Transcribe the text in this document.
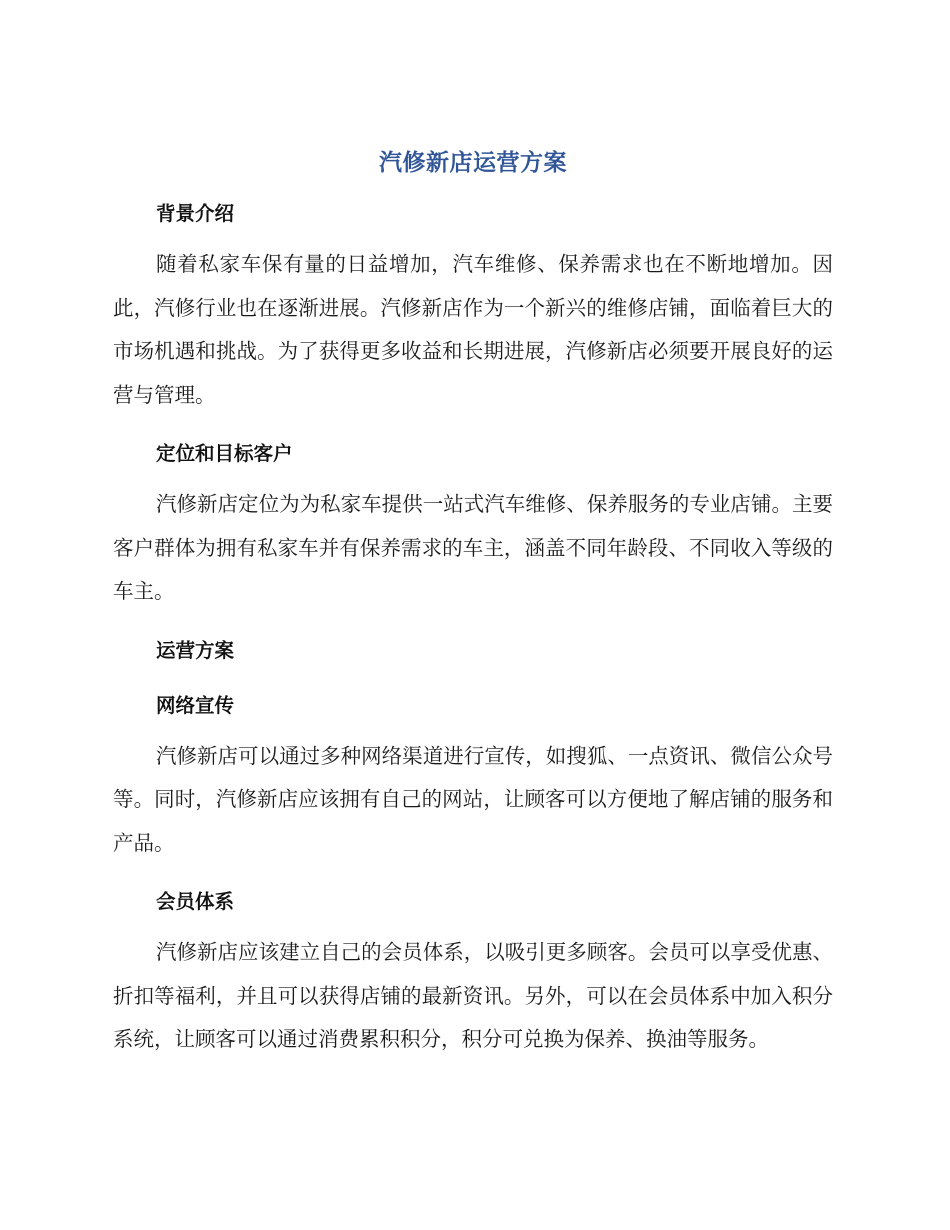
汽修新店运营方案
背景介绍

随着私家车保有量的日益增加，汽车维修、保养需求也在不断地增加。因此，汽修行业也在逐渐进展。汽修新店作为一个新兴的维修店铺，面临着巨大的市场机遇和挑战。为了获得更多收益和长期进展，汽修新店必须要开展良好的运营与管理。

定位和目标客户

汽修新店定位为为私家车提供一站式汽车维修、保养服务的专业店铺。主要客户群体为拥有私家车并有保养需求的车主，涵盖不同年龄段、不同收入等级的车主。

运营方案
网络宣传

汽修新店可以通过多种网络渠道进行宣传，如搜狐、一点资讯、微信公众号等。同时，汽修新店应该拥有自己的网站，让顾客可以方便地了解店铺的服务和产品。

会员体系

汽修新店应该建立自己的会员体系，以吸引更多顾客。会员可以享受优惠、折扣等福利，并且可以获得店铺的最新资讯。另外，可以在会员体系中加入积分系统，让顾客可以通过消费累积积分，积分可兑换为保养、换油等服务。
